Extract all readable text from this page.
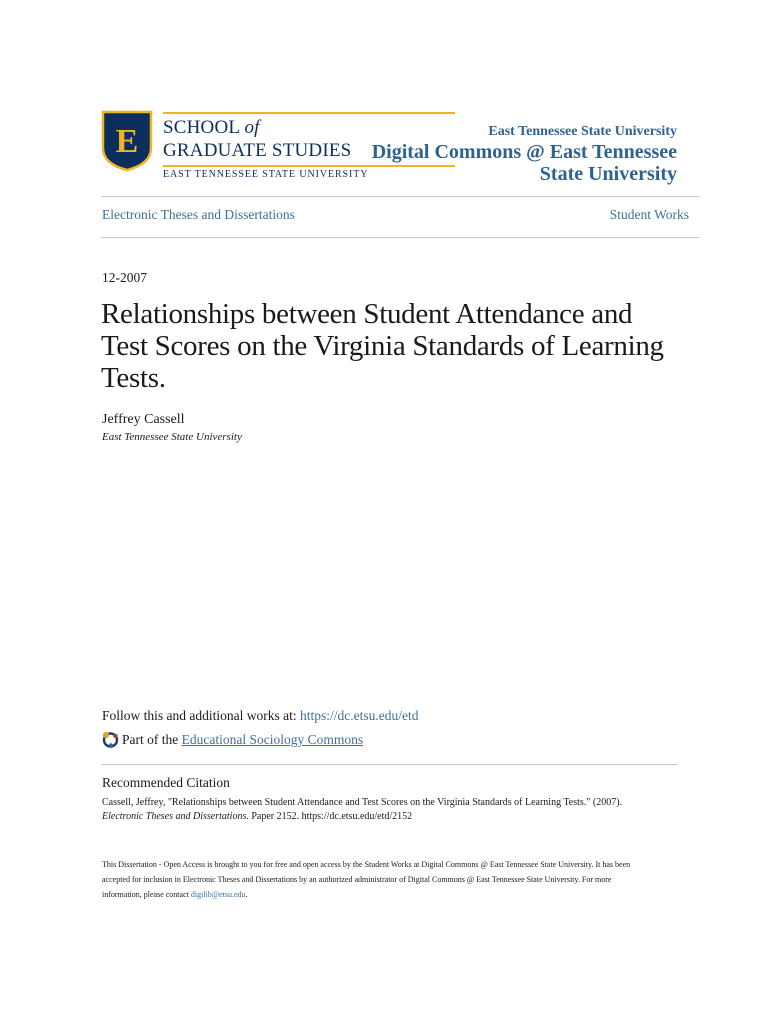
E SCHOOL of
GRADUATE STUDIES
EAST TENNESSEE STATE UNIVERSITY
East Tennessee State University
Digital Commons @ East Tennessee State University
Electronic Theses and Dissertations	Student Works
12-2007
Relationships between Student Attendance and Test Scores on the Virginia Standards of Learning Tests.
Jeffrey Cassell
East Tennessee State University
Follow this and additional works at: https://dc.etsu.edu/etd
Part of the
Educational Sociology Commons
Recommended Citation
Cassell, Jeffrey, "Relationships between Student Attendance and Test Scores on the Virginia Standards of Learning Tests." (2007).
Electronic Theses and Dissertations. Paper 2152. https://dc.etsu.edu/etd/2152
This Dissertation - Open Access is brought to you for free and open access by the Student Works at Digital Commons @ East Tennessee State University. It has been accepted for inclusion in Electronic Theses and Dissertations by an authorized administrator of Digital Commons @ East Tennessee State University. For more information, please contact digilib@etsu.edu.
